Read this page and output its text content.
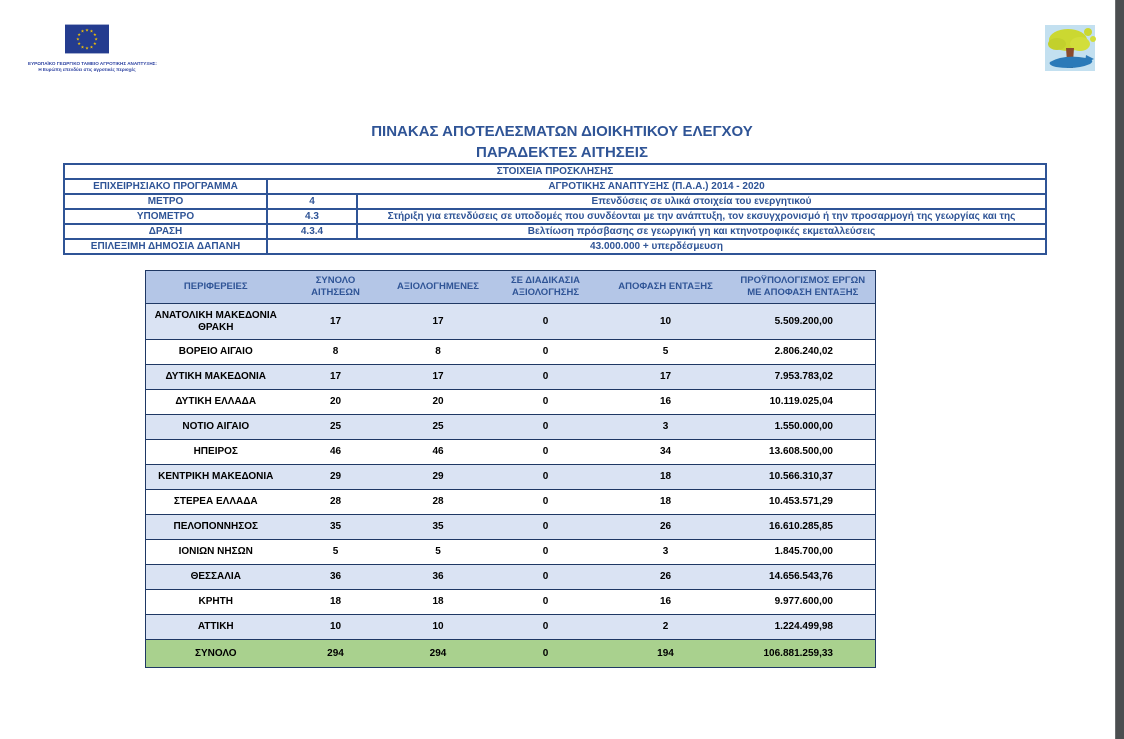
★ ★
★
★
★
★
★
★
★
★
★
★
ΕΥΡΩΠΑΪΚΟ ΓΕΩΡΓΙΚΟ ΤΑΜΕΙΟ ΑΓΡΟΤΙΚΗΣ ΑΝΑΠΤΥΞΗΣ:
Η Ευρώπη επενδύει στις αγροτικές περιοχές
ΠΙΝΑΚΑΣ ΑΠΟΤΕΛΕΣΜΑΤΩΝ ΔΙΟΙΚΗΤΙΚΟΥ ΕΛΕΓΧΟΥ
ΠΑΡΑΔΕΚΤΕΣ ΑΙΤΗΣΕΙΣ
ΣΤΟΙΧΕΙΑ ΠΡΟΣΚΛΗΣΗΣ		
ΕΠΙΧΕΙΡΗΣΙΑΚΟ ΠΡΟΓΡΑΜΜΑ	ΑΓΡΟΤΙΚΗΣ ΑΝΑΠΤΥΞΗΣ (Π.Α.Α.) 2014 - 2020	
ΜΕΤΡΟ	4	Επενδύσεις σε υλικά στοιχεία του ενεργητικού
ΥΠΟΜΕΤΡΟ	4.3	Στήριξη για επενδύσεις σε υποδομές που συνδέονται με την ανάπτυξη, τον εκσυγχρονισμό ή την προσαρμογή της γεωργίας και της
ΔΡΑΣΗ	4.3.4	Βελτίωση πρόσβασης σε γεωργική γη και κτηνοτροφικές εκμεταλλεύσεις
ΕΠΙΛΕΞΙΜΗ ΔΗΜΟΣΙΑ ΔΑΠΑΝΗ	43.000.000 + υπερδέσμευση	
ΠΕΡΙΦΕΡΕΙΕΣ	ΣΥΝΟΛΟ ΑΙΤΗΣΕΩΝ	ΑΞΙΟΛΟΓΗΜΕΝΕΣ	ΣΕ ΔΙΑΔΙΚΑΣΙΑ ΑΞΙΟΛΟΓΗΣΗΣ	ΑΠΟΦΑΣΗ ΕΝΤΑΞΗΣ	ΠΡΟΫΠΟΛΟΓΙΣΜΟΣ ΕΡΓΩΝ ΜΕ ΑΠΟΦΑΣΗ ΕΝΤΑΞΗΣ
ΑΝΑΤΟΛΙΚΗ ΜΑΚΕΔΟΝΙΑ ΘΡΑΚΗ	17	17	0	10	5.509.200,00
ΒΟΡΕΙΟ ΑΙΓΑΙΟ	8	8	0	5	2.806.240,02
ΔΥΤΙΚΗ ΜΑΚΕΔΟΝΙΑ	17	17	0	17	7.953.783,02
ΔΥΤΙΚΗ ΕΛΛΑΔΑ	20	20	0	16	10.119.025,04
ΝΟΤΙΟ ΑΙΓΑΙΟ	25	25	0	3	1.550.000,00
ΗΠΕΙΡΟΣ	46	46	0	34	13.608.500,00
ΚΕΝΤΡΙΚΗ ΜΑΚΕΔΟΝΙΑ	29	29	0	18	10.566.310,37
ΣΤΕΡΕΑ ΕΛΛΑΔΑ	28	28	0	18	10.453.571,29
ΠΕΛΟΠΟΝΝΗΣΟΣ	35	35	0	26	16.610.285,85
ΙΟΝΙΩΝ ΝΗΣΩΝ	5	5	0	3	1.845.700,00
ΘΕΣΣΑΛΙΑ	36	36	0	26	14.656.543,76
ΚΡΗΤΗ	18	18	0	16	9.977.600,00
ΑΤΤΙΚΗ	10	10	0	2	1.224.499,98
ΣΥΝΟΛΟ	294	294	0	194	106.881.259,33
